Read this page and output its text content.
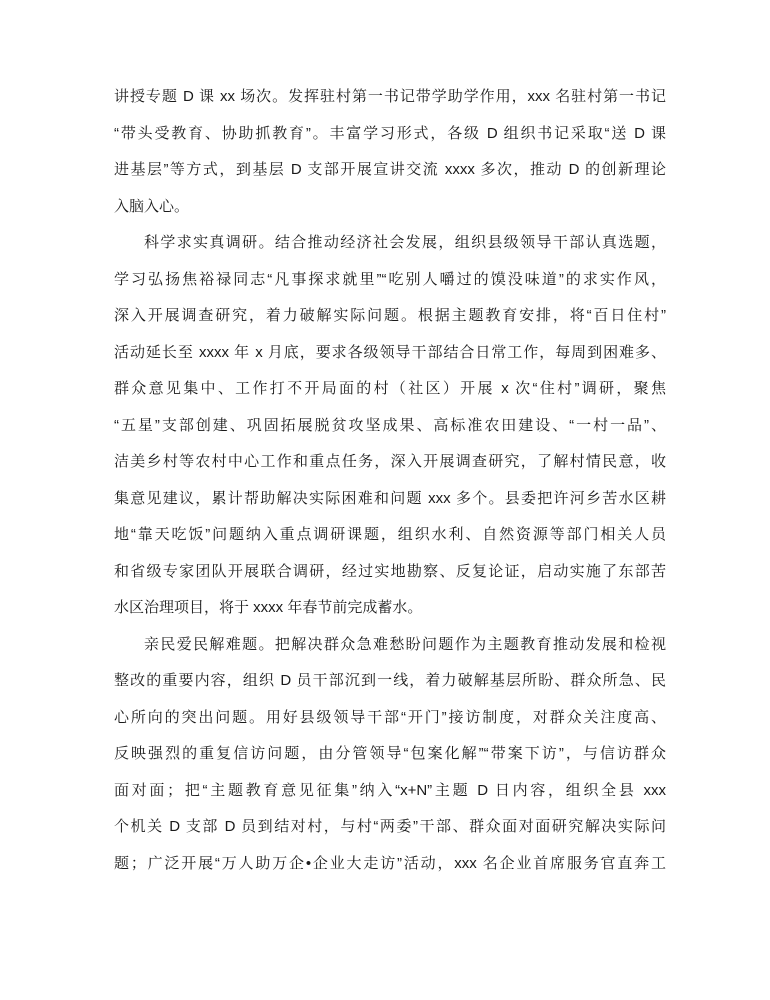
讲授专题 D 课 xx 场次。发挥驻村第一书记带学助学作用，xxx 名驻村第一书记
“带头受教育、协助抓教育”。丰富学习形式，各级 D 组织书记采取“送 D 课
进基层”等方式，到基层 D 支部开展宣讲交流 xxxx 多次，推动 D 的创新理论
入脑入心。
科学求实真调研。结合推动经济社会发展，组织县级领导干部认真选题，
学习弘扬焦裕禄同志“凡事探求就里”“吃别人嚼过的馍没味道”的求实作风，
深入开展调查研究，着力破解实际问题。根据主题教育安排，将“百日住村”
活动延长至 xxxx 年 x 月底，要求各级领导干部结合日常工作，每周到困难多、
群众意见集中、工作打不开局面的村（社区）开展 x 次“住村”调研，聚焦
“五星”支部创建、巩固拓展脱贫攻坚成果、高标准农田建设、“一村一品”、
洁美乡村等农村中心工作和重点任务，深入开展调查研究，了解村情民意，收
集意见建议，累计帮助解决实际困难和问题 xxx 多个。县委把许河乡苦水区耕
地“靠天吃饭”问题纳入重点调研课题，组织水利、自然资源等部门相关人员
和省级专家团队开展联合调研，经过实地勘察、反复论证，启动实施了东部苦
水区治理项目，将于 xxxx 年春节前完成蓄水。
亲民爱民解难题。把解决群众急难愁盼问题作为主题教育推动发展和检视
整改的重要内容，组织 D 员干部沉到一线，着力破解基层所盼、群众所急、民
心所向的突出问题。用好县级领导干部“开门”接访制度，对群众关注度高、
反映强烈的重复信访问题，由分管领导“包案化解”“带案下访”，与信访群众
面对面；把“主题教育意见征集”纳入“x+N”主题 D 日内容，组织全县 xxx
个机关 D 支部 D 员到结对村，与村“两委”干部、群众面对面研究解决实际问
题；广泛开展“万人助万企•企业大走访”活动，xxx 名企业首席服务官直奔工
